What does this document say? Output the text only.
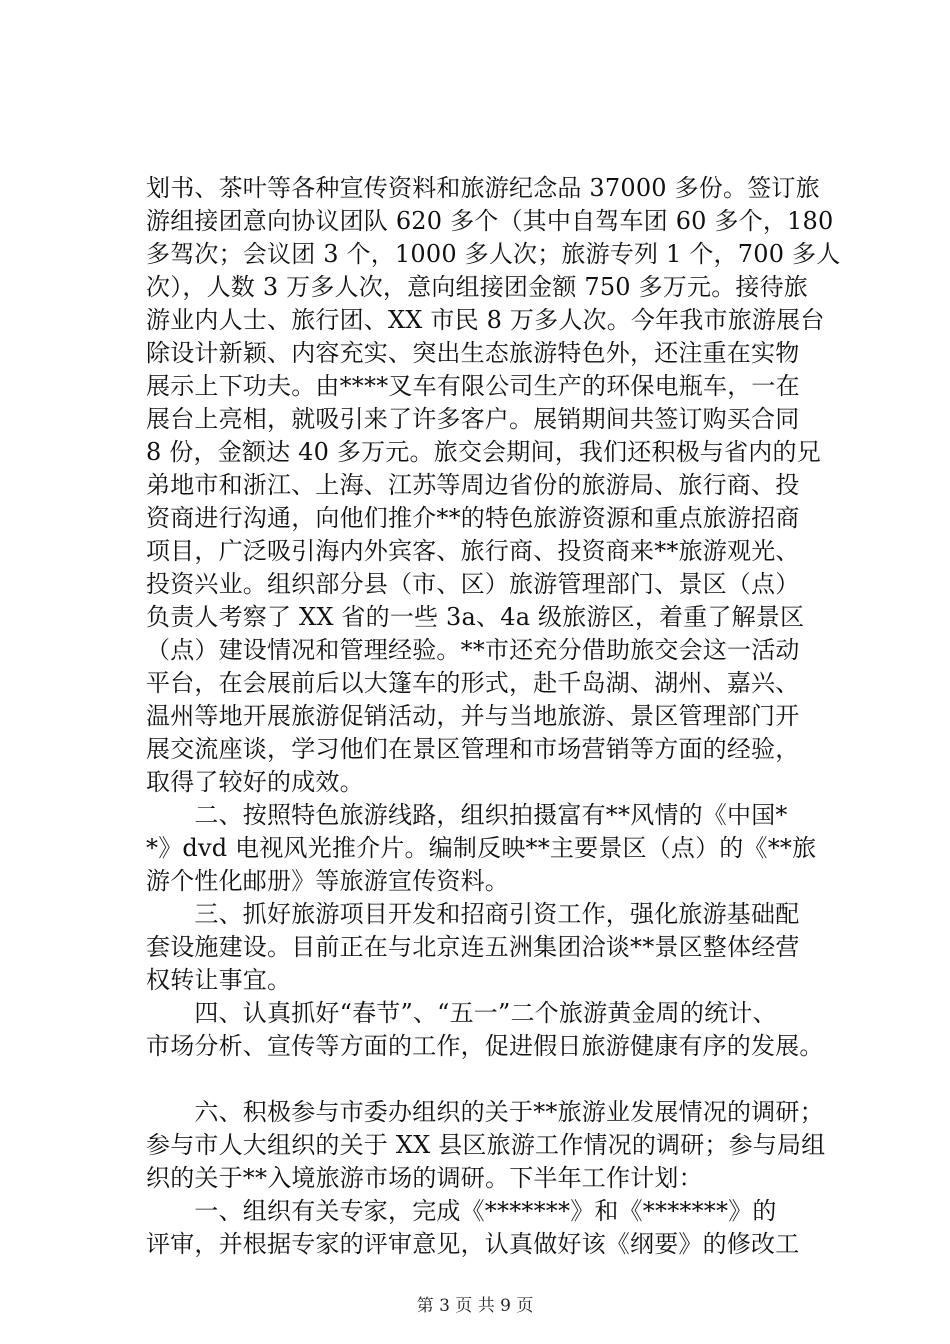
划书、茶叶等各种宣传资料和旅游纪念品 37000 多份。签订旅
游组接团意向协议团队 620 多个（其中自驾车团 60 多个，180
多驾次；会议团 3 个，1000 多人次；旅游专列 1 个，700 多人
次），人数 3 万多人次，意向组接团金额 750 多万元。接待旅
游业内人士、旅行团、XX 市民 8 万多人次。今年我市旅游展台
除设计新颖、内容充实、突出生态旅游特色外，还注重在实物
展示上下功夫。由****叉车有限公司生产的环保电瓶车，一在
展台上亮相，就吸引来了许多客户。展销期间共签订购买合同
8 份，金额达 40 多万元。旅交会期间，我们还积极与省内的兄
弟地市和浙江、上海、江苏等周边省份的旅游局、旅行商、投
资商进行沟通，向他们推介**的特色旅游资源和重点旅游招商
项目，广泛吸引海内外宾客、旅行商、投资商来**旅游观光、
投资兴业。组织部分县（市、区）旅游管理部门、景区（点）
负责人考察了 XX 省的一些 3a、4a 级旅游区，着重了解景区
（点）建设情况和管理经验。**市还充分借助旅交会这一活动
平台，在会展前后以大篷车的形式，赴千岛湖、湖州、嘉兴、
温州等地开展旅游促销活动，并与当地旅游、景区管理部门开
展交流座谈，学习他们在景区管理和市场营销等方面的经验，
取得了较好的成效。
　　二、按照特色旅游线路，组织拍摄富有**风情的《中国*
*》dvd 电视风光推介片。编制反映**主要景区（点）的《**旅
游个性化邮册》等旅游宣传资料。
　　三、抓好旅游项目开发和招商引资工作，强化旅游基础配
套设施建设。目前正在与北京连五洲集团洽谈**景区整体经营
权转让事宜。
　　四、认真抓好“春节”、“五一”二个旅游黄金周的统计、
市场分析、宣传等方面的工作，促进假日旅游健康有序的发展。
　　六、积极参与市委办组织的关于**旅游业发展情况的调研；
参与市人大组织的关于 XX 县区旅游工作情况的调研；参与局组
织的关于**入境旅游市场的调研。下半年工作计划：
　　一、组织有关专家，完成《*******》和《*******》的
评审，并根据专家的评审意见，认真做好该《纲要》的修改工
第 3 页 共 9 页
